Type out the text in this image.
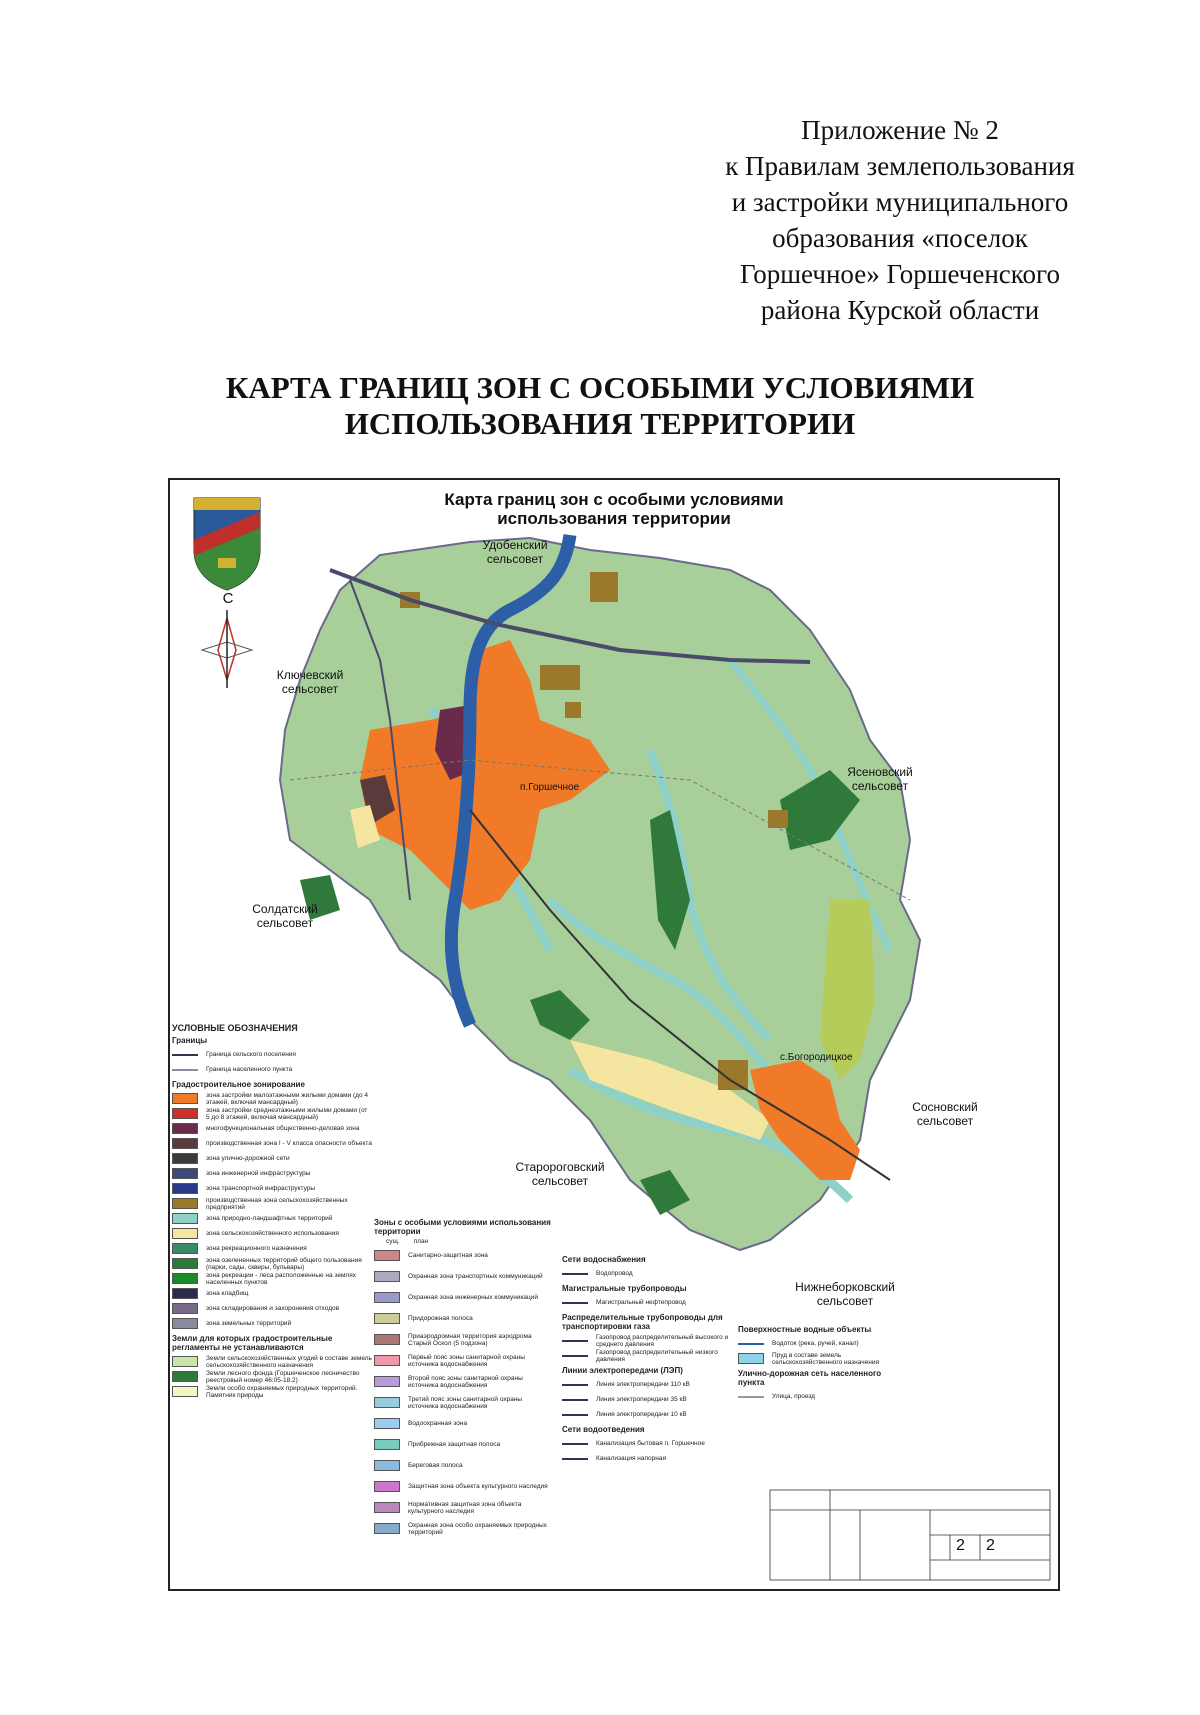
Приложение № 2
к Правилам землепользования
и застройки муниципального
образования «поселок
Горшечное» Горшеченского
района Курской области
КАРТА ГРАНИЦ ЗОН С ОСОБЫМИ УСЛОВИЯМИ
ИСПОЛЬЗОВАНИЯ ТЕРРИТОРИИ
Карта границ зон с особыми условиями
использования территории
С
Удобенский
сельсовет
Ключевский
сельсовет
Ясеновский
сельсовет
Солдатский
сельсовет
Сосновский
сельсовет
Старороговский
сельсовет
Нижнеборковский
сельсовет
п.Горшечное
с.Богородицкое
УСЛОВНЫЕ ОБОЗНАЧЕНИЯ
Границы
Граница сельского поселения
Граница населенного пункта
Градостроительное зонирование
зона застройки малоэтажными жилыми домами (до 4 этажей, включая мансардный)
зона застройки среднеэтажными жилыми домами (от 5 до 8 этажей, включая мансардный)
многофункциональная общественно-деловая зона
производственная зона I - V класса опасности объекта
зона улично-дорожной сети
зона инженерной инфраструктуры
зона транспортной инфраструктуры
производственная зона сельскохозяйственных предприятий
зона природно-ландшафтных территорий
зона сельскохозяйственного использования
зона рекреационного назначения
зона озелененных территорий общего пользования (парки, сады, скверы, бульвары)
зона рекреации - леса расположенные на землях населенных пунктов
зона кладбищ
зона складирования и захоронения отходов
зона земельных территорий
Земли для которых градостроительные регламенты не устанавливаются
Земли сельскохозяйственных угодий в составе земель сельскохозяйственного назначения
Земли лесного фонда (Горшеченское лесничество реестровый номер 46:05-18.2)
Земли особо охраняемых природных территорий. Памятник природы
Зоны с особыми условиями использования территории
сущ. план
Санитарно-защитная зона
Охранная зона транспортных коммуникаций
Охранная зона инженерных коммуникаций
Придорожная полоса
Приаэродромная территория аэродрома Старый Оскол (5 подзона)
Первый пояс зоны санитарной охраны источника водоснабжения
Второй пояс зоны санитарной охраны источника водоснабжения
Третий пояс зоны санитарной охраны источника водоснабжения
Водоохранная зона
Прибрежная защитная полоса
Береговая полоса
Защитная зона объекта культурного наследия
Нормативная защитная зона объекта культурного наследия
Охранная зона особо охраняемых природных территорий
Сети водоснабжения
Водопровод
Магистральные трубопроводы
Магистральный нефтепровод
Распределительные трубопроводы для транспортировки газа
Газопровод распределительный высокого и среднего давления
Газопровод распределительный низкого давления
Линии электропередачи (ЛЭП)
Линия электропередачи 110 кВ
Линия электропередачи 35 кВ
Линия электропередачи 10 кВ
Сети водоотведения
Канализация бытовая п. Горшечное
Канализация напорная
Поверхностные водные объекты
Водоток (река, ручей, канал)
Пруд в составе земель сельскохозяйственного назначения
Улично-дорожная сеть населенного пункта
Улица, проезд
2 2
